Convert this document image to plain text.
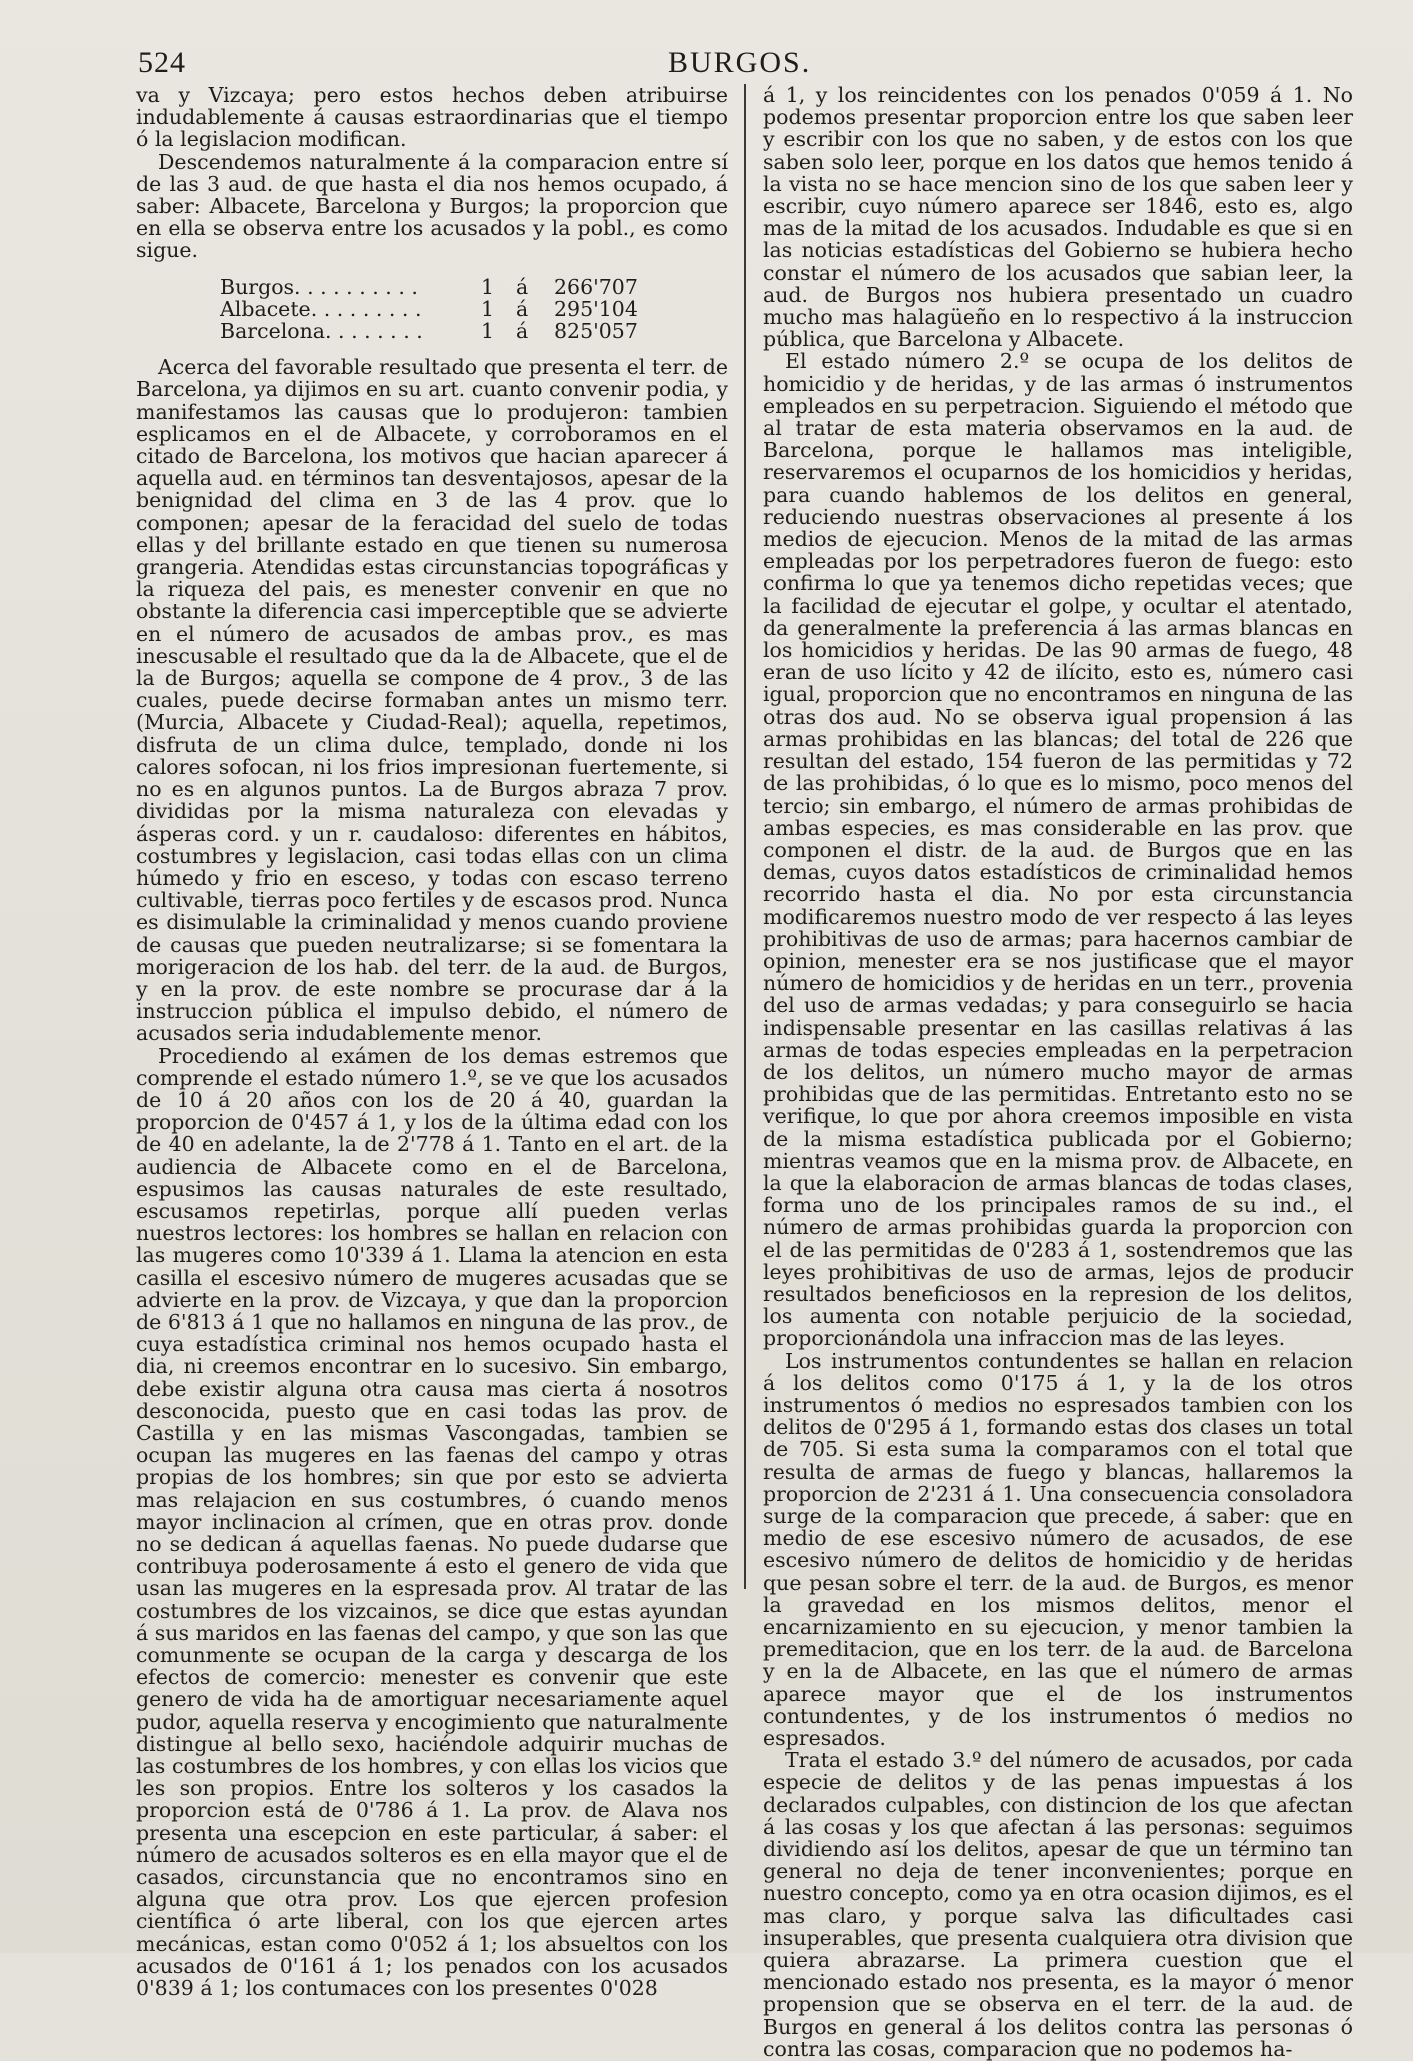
524	BURGOS.

va y Vizcaya; pero estos hechos deben atribuirse indudablemente á causas estraordinarias que el tiempo ó la legislacion modifican.

Descendemos naturalmente á la comparacion entre sí de las 3 aud. de que hasta el dia nos hemos ocupado, á saber: Albacete, Barcelona y Burgos; la proporcion que en ella se observa entre los acusados y la pobl., es como sigue.

Burgos. . . . . . . . . .	1	á	266'707
Albacete. . . . . . . . .	1	á	295'104
Barcelona. . . . . . . .	1	á	825'057

Acerca del favorable resultado que presenta el terr. de Barcelona, ya dijimos en su art. cuanto convenir podia, y manifestamos las causas que lo produjeron: tambien esplicamos en el de Albacete, y corroboramos en el citado de Barcelona, los motivos que hacian aparecer á aquella aud. en términos tan desventajosos, apesar de la benignidad del clima en 3 de las 4 prov. que lo componen; apesar de la feracidad del suelo de todas ellas y del brillante estado en que tienen su numerosa grangeria. Atendidas estas circunstancias topográficas y la riqueza del pais, es menester convenir en que no obstante la diferencia casi imperceptible que se advierte en el número de acusados de ambas prov., es mas inescusable el resultado que da la de Albacete, que el de la de Burgos; aquella se compone de 4 prov., 3 de las cuales, puede decirse formaban antes un mismo terr. (Murcia, Albacete y Ciudad-Real); aquella, repetimos, disfruta de un clima dulce, templado, donde ni los calores sofocan, ni los frios impresionan fuertemente, si no es en algunos puntos. La de Burgos abraza 7 prov. divididas por la misma naturaleza con elevadas y ásperas cord. y un r. caudaloso: diferentes en hábitos, costumbres y legislacion, casi todas ellas con un clima húmedo y frio en esceso, y todas con escaso terreno cultivable, tierras poco fertiles y de escasos prod. Nunca es disimulable la criminalidad y menos cuando proviene de causas que pueden neutralizarse; si se fomentara la morigeracion de los hab. del terr. de la aud. de Burgos, y en la prov. de este nombre se procurase dar á la instruccion pública el impulso debido, el número de acusados seria indudablemente menor.

Procediendo al exámen de los demas estremos que comprende el estado número 1.º, se ve que los acusados de 10 á 20 años con los de 20 á 40, guardan la proporcion de 0'457 á 1, y los de la última edad con los de 40 en adelante, la de 2'778 á 1. Tanto en el art. de la audiencia de Albacete como en el de Barcelona, espusimos las causas naturales de este resultado, escusamos repetirlas, porque allí pueden verlas nuestros lectores: los hombres se hallan en relacion con las mugeres como 10'339 á 1. Llama la atencion en esta casilla el escesivo número de mugeres acusadas que se advierte en la prov. de Vizcaya, y que dan la proporcion de 6'813 á 1 que no hallamos en ninguna de las prov., de cuya estadística criminal nos hemos ocupado hasta el dia, ni creemos encontrar en lo sucesivo. Sin embargo, debe existir alguna otra causa mas cierta á nosotros desconocida, puesto que en casi todas las prov. de Castilla y en las mismas Vascongadas, tambien se ocupan las mugeres en las faenas del campo y otras propias de los hombres; sin que por esto se advierta mas relajacion en sus costumbres, ó cuando menos mayor inclinacion al crímen, que en otras prov. donde no se dedican á aquellas faenas. No puede dudarse que contribuya poderosamente á esto el genero de vida que usan las mugeres en la espresada prov. Al tratar de las costumbres de los vizcainos, se dice que estas ayundan á sus maridos en las faenas del campo, y que son las que comunmente se ocupan de la carga y descarga de los efectos de comercio: menester es convenir que este genero de vida ha de amortiguar necesariamente aquel pudor, aquella reserva y encogimiento que naturalmente distingue al bello sexo, haciéndole adquirir muchas de las costumbres de los hombres, y con ellas los vicios que les son propios. Entre los solteros y los casados la proporcion está de 0'786 á 1. La prov. de Alava nos presenta una escepcion en este particular, á saber: el número de acusados solteros es en ella mayor que el de casados, circunstancia que no encontramos sino en alguna que otra prov. Los que ejercen profesion científica ó arte liberal, con los que ejercen artes mecánicas, estan como 0'052 á 1; los absueltos con los acusados de 0'161 á 1; los penados con los acusados 0'839 á 1; los contumaces con los presentes 0'028

á 1, y los reincidentes con los penados 0'059 á 1. No podemos presentar proporcion entre los que saben leer y escribir con los que no saben, y de estos con los que saben solo leer, porque en los datos que hemos tenido á la vista no se hace mencion sino de los que saben leer y escribir, cuyo número aparece ser 1846, esto es, algo mas de la mitad de los acusados. Indudable es que si en las noticias estadísticas del Gobierno se hubiera hecho constar el número de los acusados que sabian leer, la aud. de Burgos nos hubiera presentado un cuadro mucho mas halagüeño en lo respectivo á la instruccion pública, que Barcelona y Albacete.

El estado número 2.º se ocupa de los delitos de homicidio y de heridas, y de las armas ó instrumentos empleados en su perpetracion. Siguiendo el método que al tratar de esta materia observamos en la aud. de Barcelona, porque le hallamos mas inteligible, reservaremos el ocuparnos de los homicidios y heridas, para cuando hablemos de los delitos en general, reduciendo nuestras observaciones al presente á los medios de ejecucion. Menos de la mitad de las armas empleadas por los perpetradores fueron de fuego: esto confirma lo que ya tenemos dicho repetidas veces; que la facilidad de ejecutar el golpe, y ocultar el atentado, da generalmente la preferencia á las armas blancas en los homicidios y heridas. De las 90 armas de fuego, 48 eran de uso lícito y 42 de ilícito, esto es, número casi igual, proporcion que no encontramos en ninguna de las otras dos aud. No se observa igual propension á las armas prohibidas en las blancas; del total de 226 que resultan del estado, 154 fueron de las permitidas y 72 de las prohibidas, ó lo que es lo mismo, poco menos del tercio; sin embargo, el número de armas prohibidas de ambas especies, es mas considerable en las prov. que componen el distr. de la aud. de Burgos que en las demas, cuyos datos estadísticos de criminalidad hemos recorrido hasta el dia. No por esta circunstancia modificaremos nuestro modo de ver respecto á las leyes prohibitivas de uso de armas; para hacernos cambiar de opinion, menester era se nos justificase que el mayor número de homicidios y de heridas en un terr., provenia del uso de armas vedadas; y para conseguirlo se hacia indispensable presentar en las casillas relativas á las armas de todas especies empleadas en la perpetracion de los delitos, un número mucho mayor de armas prohibidas que de las permitidas. Entretanto esto no se verifique, lo que por ahora creemos imposible en vista de la misma estadística publicada por el Gobierno; mientras veamos que en la misma prov. de Albacete, en la que la elaboracion de armas blancas de todas clases, forma uno de los principales ramos de su ind., el número de armas prohibidas guarda la proporcion con el de las permitidas de 0'283 á 1, sostendremos que las leyes prohibitivas de uso de armas, lejos de producir resultados beneficiosos en la represion de los delitos, los aumenta con notable perjuicio de la sociedad, proporcionándola una infraccion mas de las leyes.

Los instrumentos contundentes se hallan en relacion á los delitos como 0'175 á 1, y la de los otros instrumentos ó medios no espresados tambien con los delitos de 0'295 á 1, formando estas dos clases un total de 705. Si esta suma la comparamos con el total que resulta de armas de fuego y blancas, hallaremos la proporcion de 2'231 á 1. Una consecuencia consoladora surge de la comparacion que precede, á saber: que en medio de ese escesivo número de acusados, de ese escesivo número de delitos de homicidio y de heridas que pesan sobre el terr. de la aud. de Burgos, es menor la gravedad en los mismos delitos, menor el encarnizamiento en su ejecucion, y menor tambien la premeditacion, que en los terr. de la aud. de Barcelona y en la de Albacete, en las que el número de armas aparece mayor que el de los instrumentos contundentes, y de los instrumentos ó medios no espresados.

Trata el estado 3.º del número de acusados, por cada especie de delitos y de las penas impuestas á los declarados culpables, con distincion de los que afectan á las cosas y los que afectan á las personas: seguimos dividiendo así los delitos, apesar de que un término tan general no deja de tener inconvenientes; porque en nuestro concepto, como ya en otra ocasion dijimos, es el mas claro, y porque salva las dificultades casi insuperables, que presenta cualquiera otra division que quiera abrazarse. La primera cuestion que el mencionado estado nos presenta, es la mayor ó menor propension que se observa en el terr. de la aud. de Burgos en general á los delitos contra las personas ó contra las cosas, comparacion que no podemos ha-
